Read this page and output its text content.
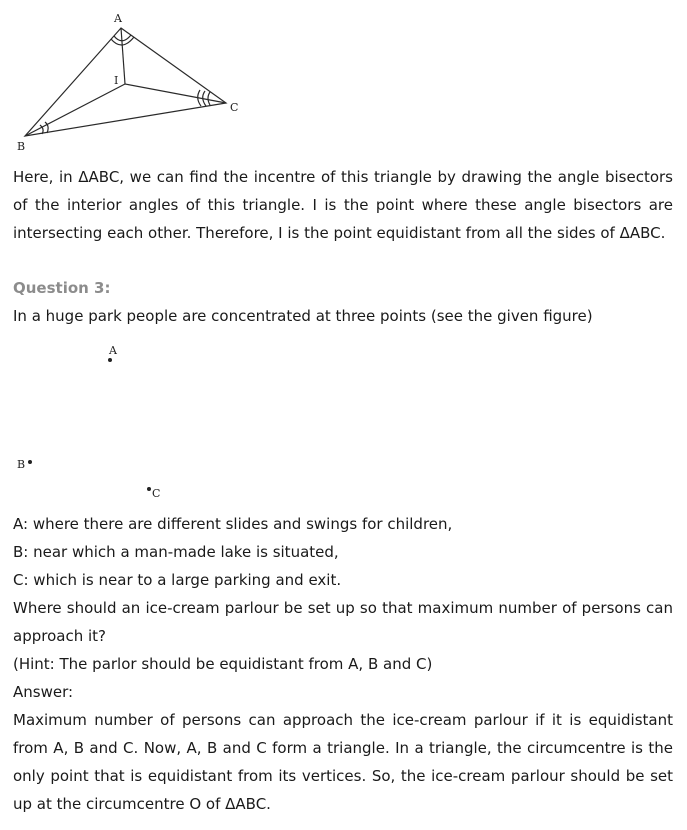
A
B
C
I

Here, in ΔABC, we can find the incentre of this triangle by drawing the angle bisectors of the interior angles of this triangle. I is the point where these angle bisectors are intersecting each other. Therefore, I is the point equidistant from all the sides of ΔABC.

Question 3:

In a huge park people are concentrated at three points (see the given figure)

A
B
C

A: where there are different slides and swings for children,

B: near which a man-made lake is situated,

C: which is near to a large parking and exit.

Where should an ice-cream parlour be set up so that maximum number of persons can approach it?

(Hint: The parlor should be equidistant from A, B and C)

Answer:

Maximum number of persons can approach the ice-cream parlour if it is equidistant from A, B and C. Now, A, B and C form a triangle. In a triangle, the circumcentre is the only point that is equidistant from its vertices. So, the ice-cream parlour should be set up at the circumcentre O of ΔABC.
